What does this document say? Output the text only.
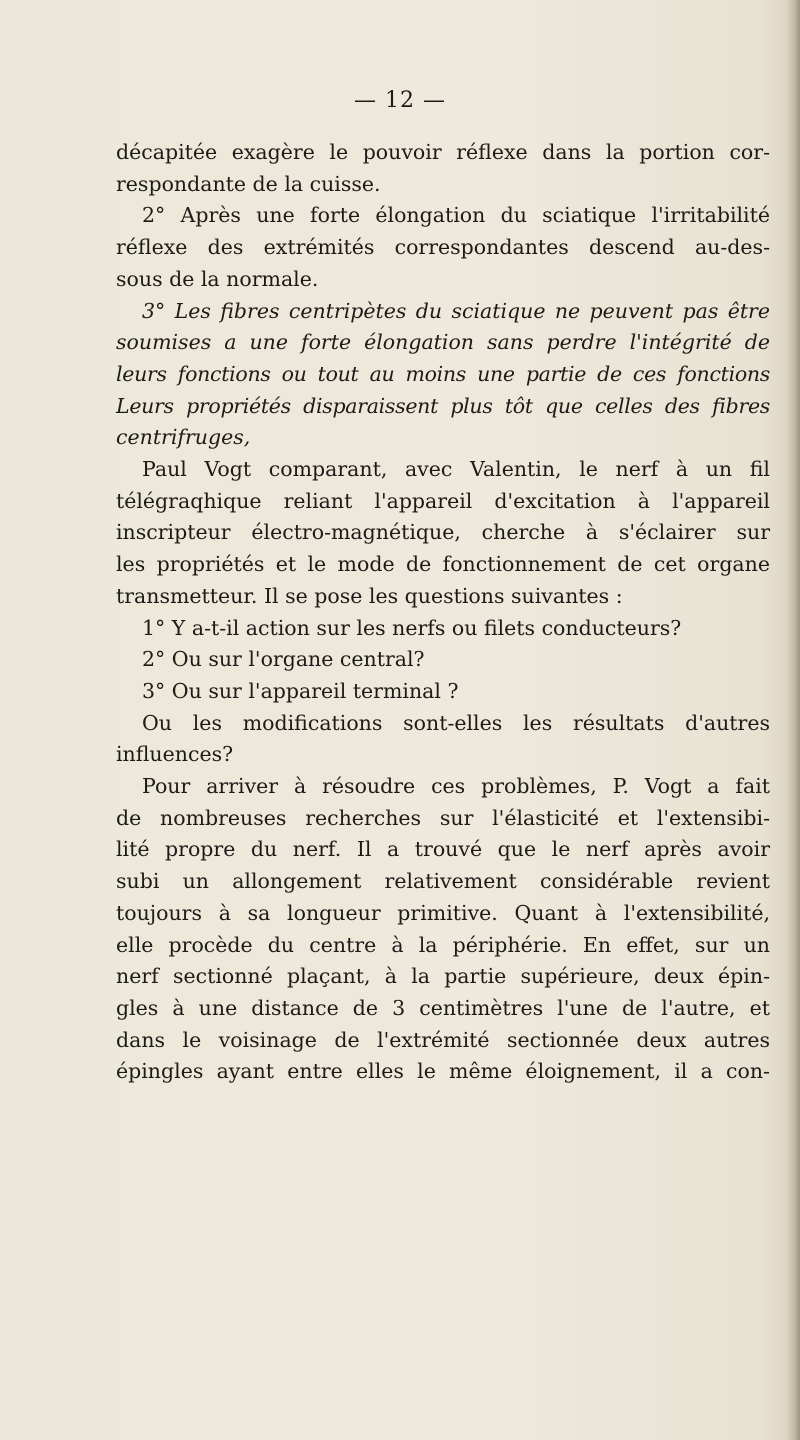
— 12 —
décapitée exagère le pouvoir réflexe dans la portion cor-
respondante de la cuisse.
2° Après une forte élongation du sciatique l'irritabilité
réflexe des extrémités correspondantes descend au-des-
sous de la normale.
3° Les fibres centripètes du sciatique ne peuvent pas être
soumises a une forte élongation sans perdre l'intégrité de
leurs fonctions ou tout au moins une partie de ces fonctions
Leurs propriétés disparaissent plus tôt que celles des fibres
centrifruges,
Paul Vogt comparant, avec Valentin, le nerf à un fil
télégraqhique reliant l'appareil d'excitation à l'appareil
inscripteur électro-magnétique, cherche à s'éclairer sur
les propriétés et le mode de fonctionnement de cet organe
transmetteur. Il se pose les questions suivantes :
1° Y a-t-il action sur les nerfs ou filets conducteurs?
2° Ou sur l'organe central?
3° Ou sur l'appareil terminal ?
Ou les modifications sont-elles les résultats d'autres
influences?
Pour arriver à résoudre ces problèmes, P. Vogt a fait
de nombreuses recherches sur l'élasticité et l'extensibi-
lité propre du nerf. Il a trouvé que le nerf après avoir
subi un allongement relativement considérable revient
toujours à sa longueur primitive. Quant à l'extensibilité,
elle procède du centre à la périphérie. En effet, sur un
nerf sectionné plaçant, à la partie supérieure, deux épin-
gles à une distance de 3 centimètres l'une de l'autre, et
dans le voisinage de l'extrémité sectionnée deux autres
épingles ayant entre elles le même éloignement, il a con-
